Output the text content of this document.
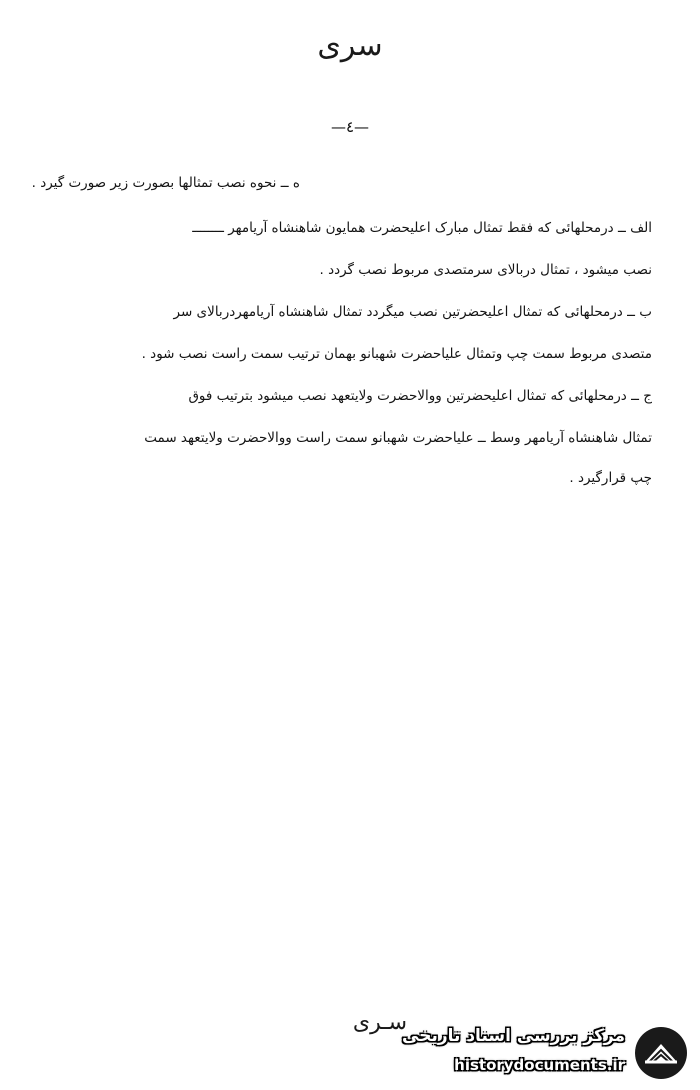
سری
—٤—
ه ــ نحوه نصب تمثالها بصورت زیر صورت گیرد .
الف ــ درمحلهائی که فقط تمثال مبارک اعلیحضرت همایون شاهنشاه آریامهر ــــــــ
نصب میشود ، تمثال دربالای سرمتصدی مربوط نصب گردد .
ب ــ درمحلهائی که تمثال اعلیحضرتین نصب میگردد تمثال شاهنشاه آریامهردربالای سر
متصدی مربوط سمت چپ وتمثال علیاحضرت شهبانو بهمان ترتیب سمت راست نصب شود .
ج ــ درمحلهائی که تمثال اعلیحضرتین ووالاحضرت ولایتعهد نصب میشود بترتیب فوق
تمثال شاهنشاه آریامهر وسط ــ علیاحضرت شهبانو سمت راست ووالاحضرت ولایتعهد سمت
چپ قرارگیرد .
سـری
مرکز بررسی اسناد تاریخی
historydocuments.ir
